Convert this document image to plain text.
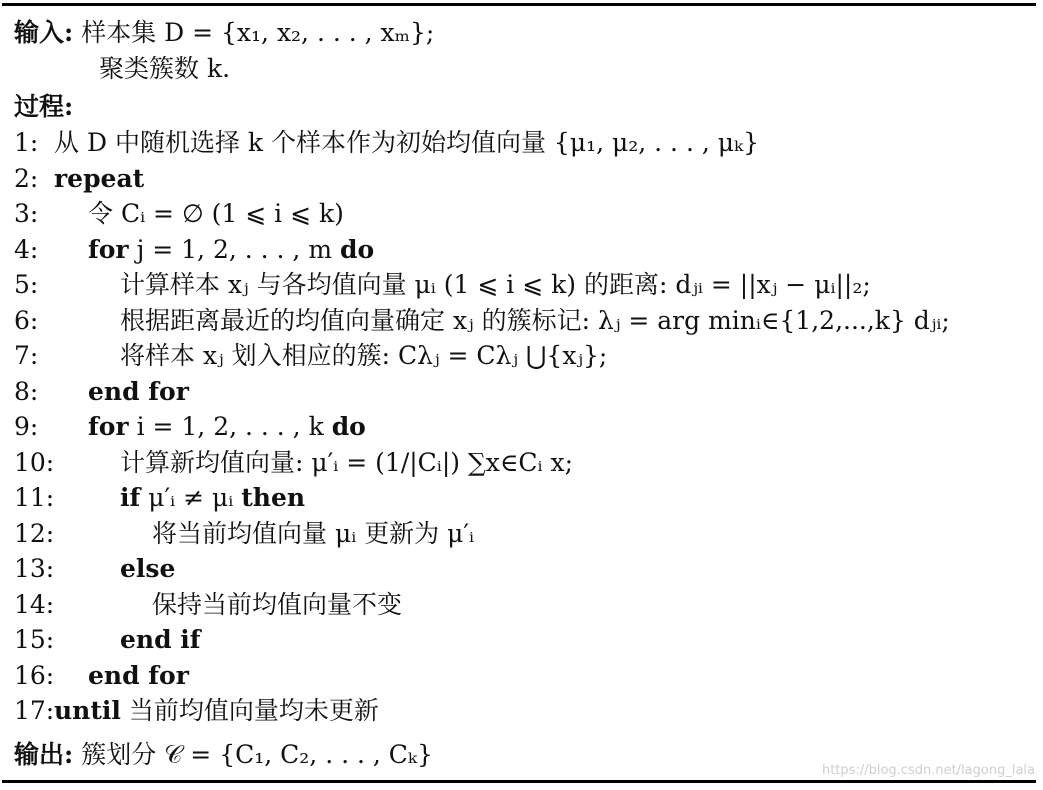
输入: 样本集 D = {x₁, x₂, . . . , xₘ};
聚类簇数 k.
过程:
1: 从 D 中随机选择 k 个样本作为初始均值向量 {μ₁, μ₂, . . . , μₖ}
2: repeat
3: 令 Cᵢ = ∅ (1 ⩽ i ⩽ k)
4: for j = 1, 2, . . . , m do
5:	计算样本 xⱼ 与各均值向量 μᵢ (1 ⩽ i ⩽ k) 的距离: dⱼᵢ = ||xⱼ − μᵢ||₂;
6:	根据距离最近的均值向量确定 xⱼ 的簇标记: λⱼ = arg minᵢ∈{1,2,...,k} dⱼᵢ;
7:	将样本 xⱼ 划入相应的簇: Cλⱼ = Cλⱼ ⋃{xⱼ};
8: end for
9: for i = 1, 2, . . . , k do
10:	计算新均值向量: μ′ᵢ = (1/|Cᵢ|) ∑x∈Cᵢ x;
11:	if μ′ᵢ ≠ μᵢ then
12:	将当前均值向量 μᵢ 更新为 μ′ᵢ
13:	else
14:	保持当前均值向量不变
15:	end if
16: end for
17:until 当前均值向量均未更新
输出: 簇划分 𝒞 = {C₁, C₂, . . . , Cₖ}
https://blog.csdn.net/lagong_lala
